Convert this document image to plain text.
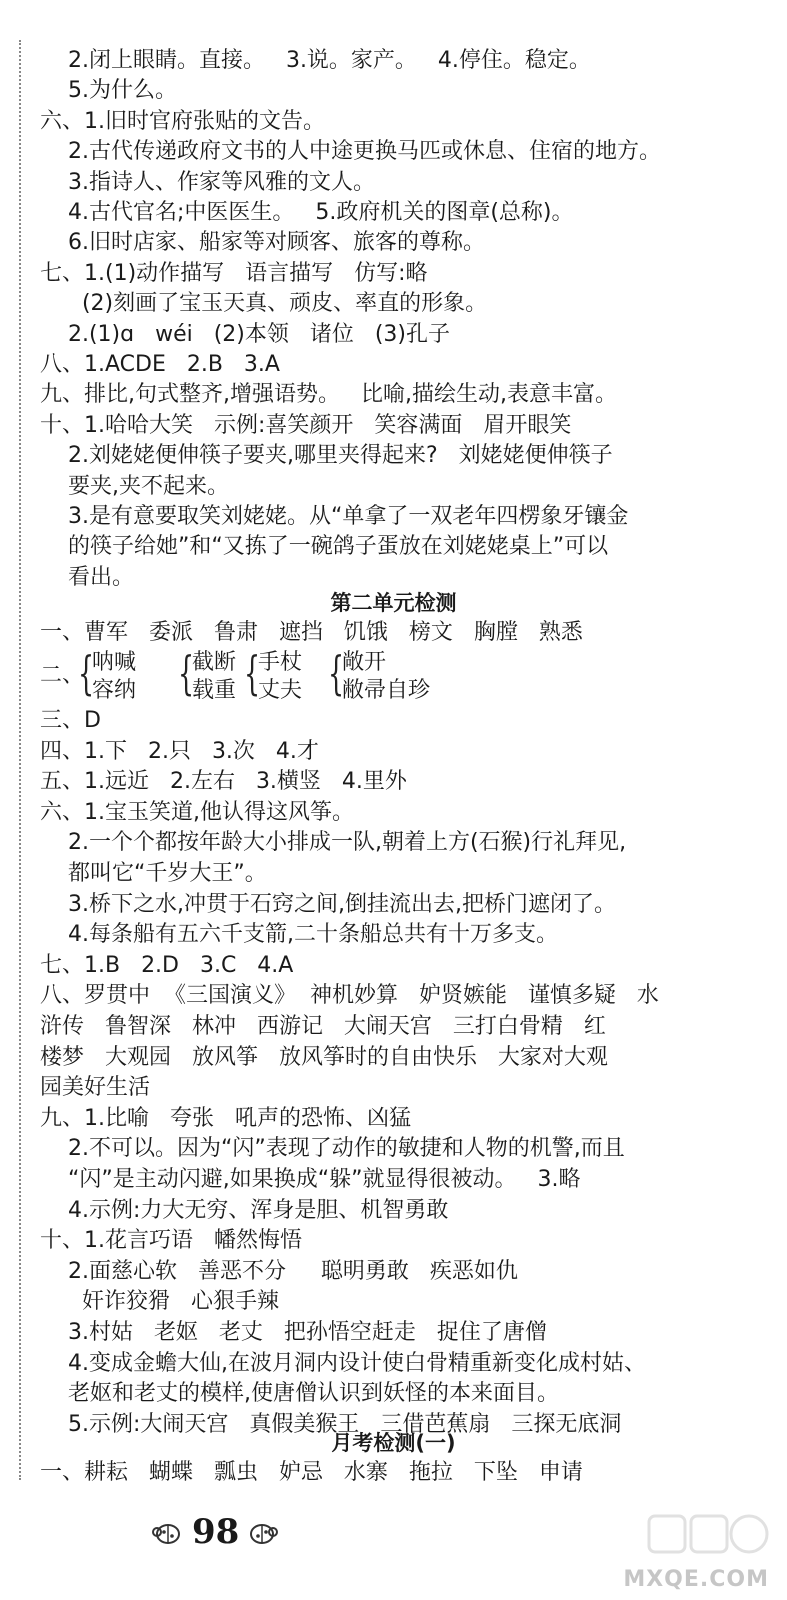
2.闭上眼睛。直接。   3.说。家产。   4.停住。稳定。
5.为什么。
六、1.旧时官府张贴的文告。
2.古代传递政府文书的人中途更换马匹或休息、住宿的地方。
3.指诗人、作家等风雅的文人。
4.古代官名;中医医生。   5.政府机关的图章(总称)。
6.旧时店家、船家等对顾客、旅客的尊称。
七、1.(1)动作描写   语言描写   仿写:略
(2)刻画了宝玉天真、顽皮、率直的形象。
2.(1)ɑ   wéi   (2)本领   诸位   (3)孔子
八、1.ACDE   2.B   3.A
九、排比,句式整齐,增强语势。   比喻,描绘生动,表意丰富。
十、1.哈哈大笑   示例:喜笑颜开   笑容满面   眉开眼笑
2.刘姥姥便伸筷子要夹,哪里夹得起来?   刘姥姥便伸筷子
要夹,夹不起来。
3.是有意要取笑刘姥姥。从“单拿了一双老年四楞象牙镶金
的筷子给她”和“又拣了一碗鸽子蛋放在刘姥姥桌上”可以
看出。
第二单元检测
一、曹军   委派   鲁肃   遮挡   饥饿   榜文   胸膛   熟悉
二、
{
呐喊
容纳 {
截断
载重 {
手杖
丈夫 {
敞开
敝帚自珍
三、D
四、1.下   2.只   3.次   4.才
五、1.远近   2.左右   3.横竖   4.里外
六、1.宝玉笑道,他认得这风筝。
2.一个个都按年龄大小排成一队,朝着上方(石猴)行礼拜见,
都叫它“千岁大王”。
3.桥下之水,冲贯于石窍之间,倒挂流出去,把桥门遮闭了。
4.每条船有五六千支箭,二十条船总共有十万多支。
七、1.B   2.D   3.C   4.A
八、罗贯中  《三国演义》  神机妙算   妒贤嫉能   谨慎多疑   水
浒传   鲁智深   林冲   西游记   大闹天宫   三打白骨精   红
楼梦   大观园   放风筝   放风筝时的自由快乐   大家对大观
园美好生活
九、1.比喻   夸张   吼声的恐怖、凶猛
2.不可以。因为“闪”表现了动作的敏捷和人物的机警,而且
“闪”是主动闪避,如果换成“躲”就显得很被动。   3.略
4.示例:力大无穷、浑身是胆、机智勇敢
十、1.花言巧语   幡然悔悟
2.面慈心软   善恶不分     聪明勇敢   疾恶如仇
奸诈狡猾   心狠手辣
3.村姑   老妪   老丈   把孙悟空赶走   捉住了唐僧
4.变成金蟾大仙,在波月洞内设计使白骨精重新变化成村姑、
老妪和老丈的模样,使唐僧认识到妖怪的本来面目。
5.示例:大闹天宫   真假美猴王   三借芭蕉扇   三探无底洞
月考检测(一)
一、耕耘   蝴蝶   瓢虫   妒忌   水寨   拖拉   下坠   申请
98
MXQE.COM
